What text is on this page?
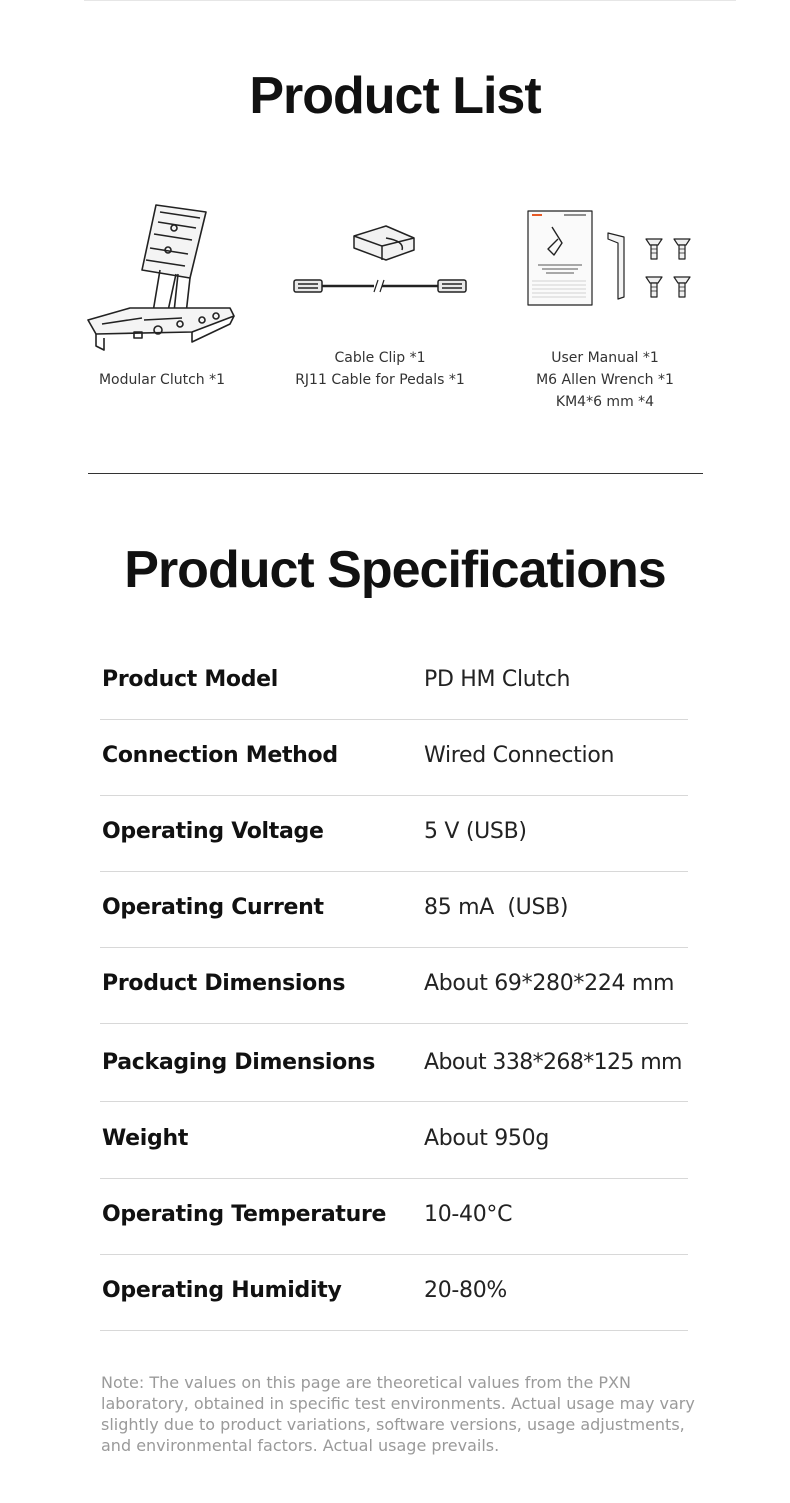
Product List
Modular Clutch *1
Cable Clip *1
RJ11 Cable for Pedals *1
User Manual *1
M6 Allen Wrench *1
KM4*6 mm *4
Product Specifications
Product Model	PD HM Clutch
Connection Method	Wired Connection
Operating Voltage	5 V (USB)
Operating Current	85 mA  (USB)
Product Dimensions	About 69*280*224 mm
Packaging Dimensions About 338*268*125 mm
Weight	About 950g
Operating Temperature 10-40°C
Operating Humidity	20-80%
Note: The values on this page are theoretical values from the PXN laboratory, obtained in specific test environments. Actual usage may vary slightly due to product variations, software versions, usage adjustments, and environmental factors. Actual usage prevails.
